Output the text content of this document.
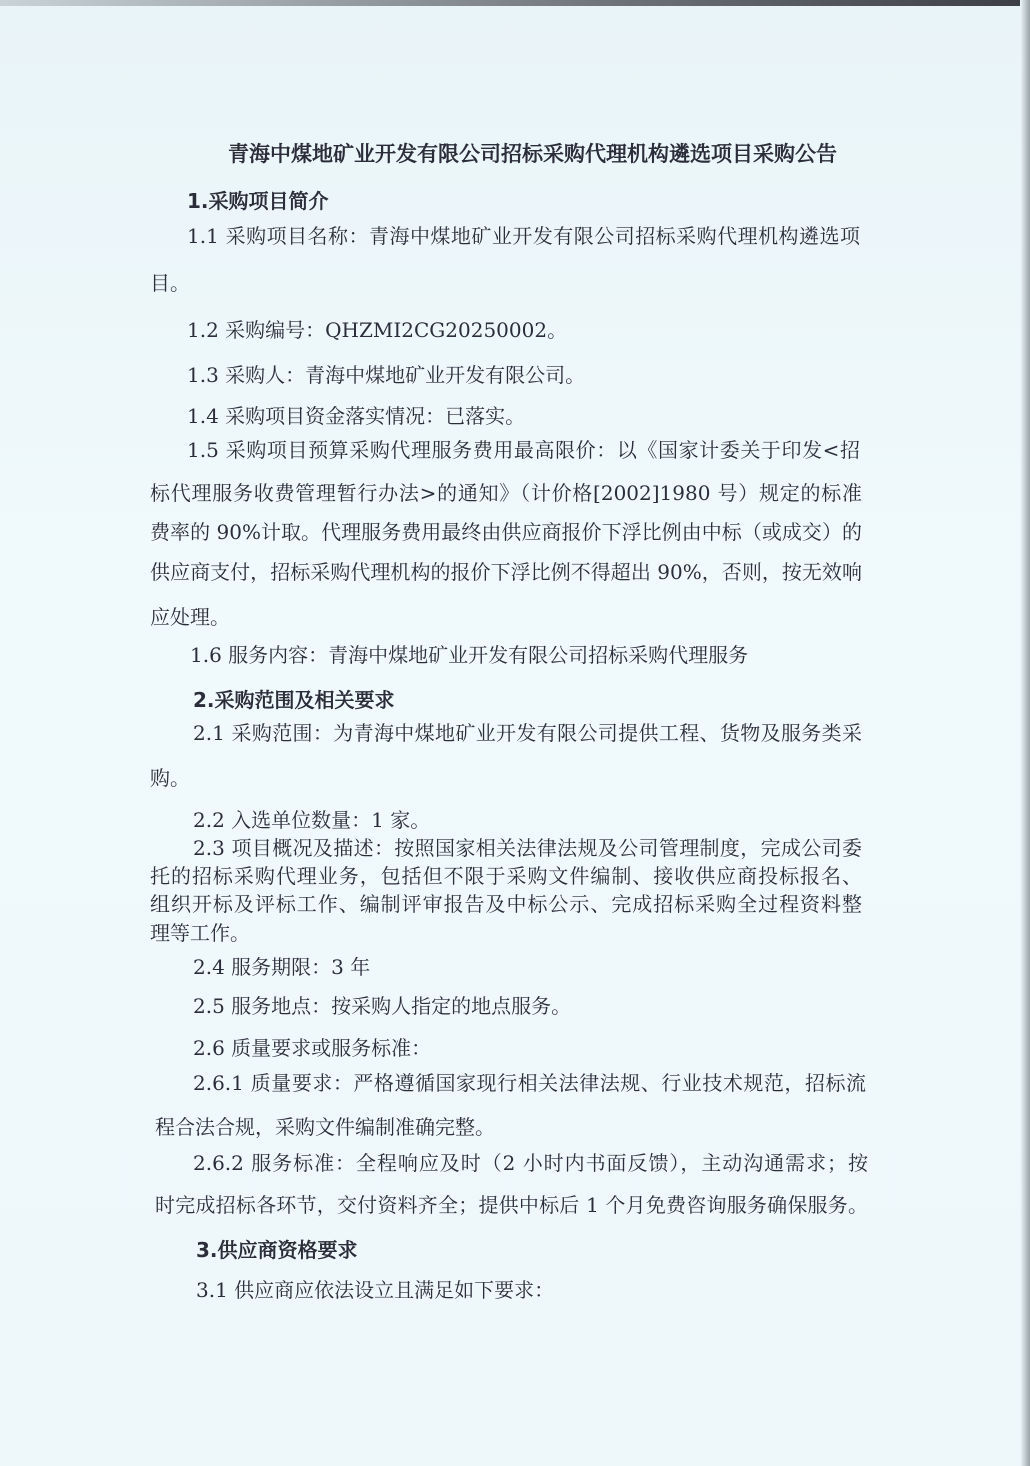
青海中煤地矿业开发有限公司招标采购代理机构遴选项目采购公告
1.采购项目简介
1.1 采购项目名称：青海中煤地矿业开发有限公司招标采购代理机构遴选项
目。
1.2 采购编号：QHZMI2CG20250002。
1.3 采购人：青海中煤地矿业开发有限公司。
1.4 采购项目资金落实情况：已落实。
1.5 采购项目预算采购代理服务费用最高限价：以《国家计委关于印发<招
标代理服务收费管理暂行办法>的通知》（计价格[2002]1980 号）规定的标准
费率的 90%计取。代理服务费用最终由供应商报价下浮比例由中标（或成交）的
供应商支付，招标采购代理机构的报价下浮比例不得超出 90%，否则，按无效响
应处理。
1.6 服务内容：青海中煤地矿业开发有限公司招标采购代理服务
2.采购范围及相关要求
2.1 采购范围：为青海中煤地矿业开发有限公司提供工程、货物及服务类采
购。
2.2 入选单位数量：1 家。
2.3 项目概况及描述：按照国家相关法律法规及公司管理制度，完成公司委
托的招标采购代理业务，包括但不限于采购文件编制、接收供应商投标报名、
组织开标及评标工作、编制评审报告及中标公示、完成招标采购全过程资料整
理等工作。
2.4 服务期限：3 年
2.5 服务地点：按采购人指定的地点服务。
2.6 质量要求或服务标准：
2.6.1 质量要求：严格遵循国家现行相关法律法规、行业技术规范，招标流
程合法合规，采购文件编制准确完整。
2.6.2 服务标准：全程响应及时（2 小时内书面反馈），主动沟通需求；按
时完成招标各环节，交付资料齐全；提供中标后 1 个月免费咨询服务确保服务。
3.供应商资格要求
3.1 供应商应依法设立且满足如下要求：
